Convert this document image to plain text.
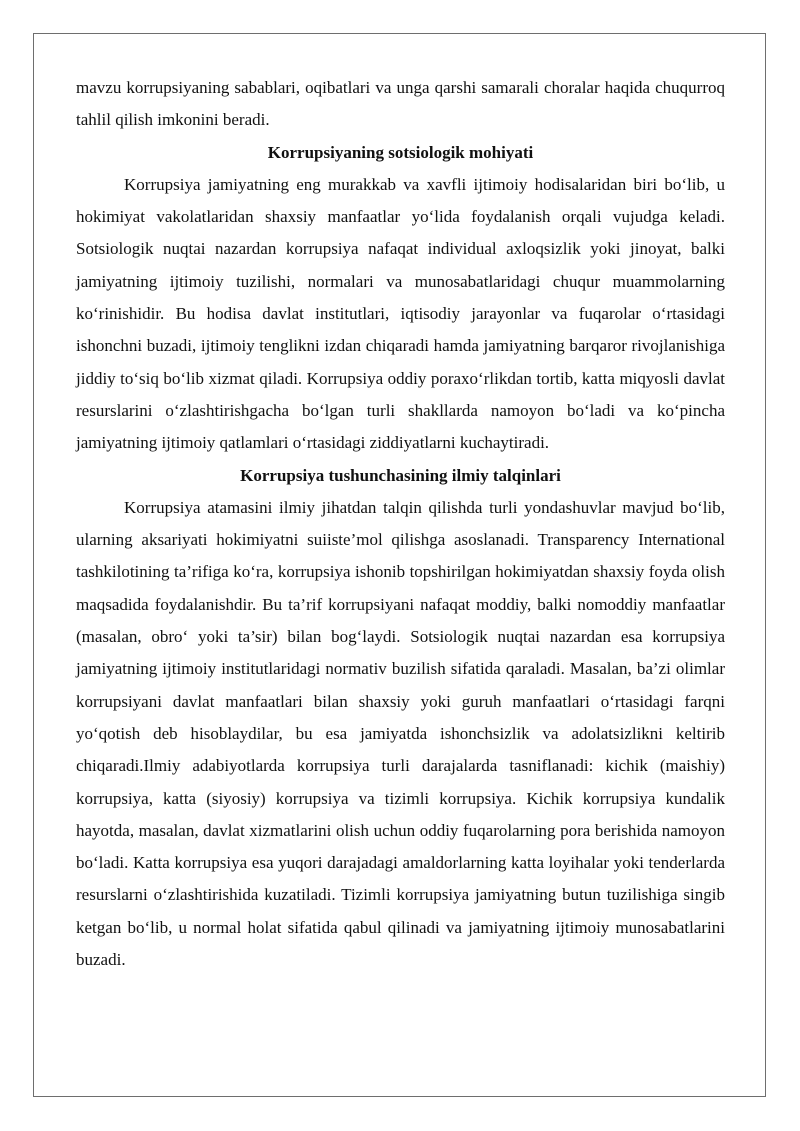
mavzu korrupsiyaning sabablari, oqibatlari va unga qarshi samarali choralar haqida chuqurroq tahlil qilish imkonini beradi.

Korrupsiyaning sotsiologik mohiyati

Korrupsiya jamiyatning eng murakkab va xavfli ijtimoiy hodisalaridan biri bo‘lib, u hokimiyat vakolatlaridan shaxsiy manfaatlar yo‘lida foydalanish orqali vujudga keladi. Sotsiologik nuqtai nazardan korrupsiya nafaqat individual axloqsizlik yoki jinoyat, balki jamiyatning ijtimoiy tuzilishi, normalari va munosabatlaridagi chuqur muammolarning ko‘rinishidir. Bu hodisa davlat institutlari, iqtisodiy jarayonlar va fuqarolar o‘rtasidagi ishonchni buzadi, ijtimoiy tenglikni izdan chiqaradi hamda jamiyatning barqaror rivojlanishiga jiddiy to‘siq bo‘lib xizmat qiladi. Korrupsiya oddiy poraxo‘rlikdan tortib, katta miqyosli davlat resurslarini o‘zlashtirishgacha bo‘lgan turli shakllarda namoyon bo‘ladi va ko‘pincha jamiyatning ijtimoiy qatlamlari o‘rtasidagi ziddiyatlarni kuchaytiradi.

Korrupsiya tushunchasining ilmiy talqinlari

Korrupsiya atamasini ilmiy jihatdan talqin qilishda turli yondashuvlar mavjud bo‘lib, ularning aksariyati hokimiyatni suiiste’mol qilishga asoslanadi. Transparency International tashkilotining ta’rifiga ko‘ra, korrupsiya ishonib topshirilgan hokimiyatdan shaxsiy foyda olish maqsadida foydalanishdir. Bu ta’rif korrupsiyani nafaqat moddiy, balki nomoddiy manfaatlar (masalan, obro‘ yoki ta’sir) bilan bog‘laydi. Sotsiologik nuqtai nazardan esa korrupsiya jamiyatning ijtimoiy institutlaridagi normativ buzilish sifatida qaraladi. Masalan, ba’zi olimlar korrupsiyani davlat manfaatlari bilan shaxsiy yoki guruh manfaatlari o‘rtasidagi farqni yo‘qotish deb hisoblaydilar, bu esa jamiyatda ishonchsizlik va adolatsizlikni keltirib chiqaradi.Ilmiy adabiyotlarda korrupsiya turli darajalarda tasniflanadi: kichik (maishiy) korrupsiya, katta (siyosiy) korrupsiya va tizimli korrupsiya. Kichik korrupsiya kundalik hayotda, masalan, davlat xizmatlarini olish uchun oddiy fuqarolarning pora berishida namoyon bo‘ladi. Katta korrupsiya esa yuqori darajadagi amaldorlarning katta loyihalar yoki tenderlarda resurslarni o‘zlashtirishida kuzatiladi. Tizimli korrupsiya jamiyatning butun tuzilishiga singib ketgan bo‘lib, u normal holat sifatida qabul qilinadi va jamiyatning ijtimoiy munosabatlarini buzadi.
